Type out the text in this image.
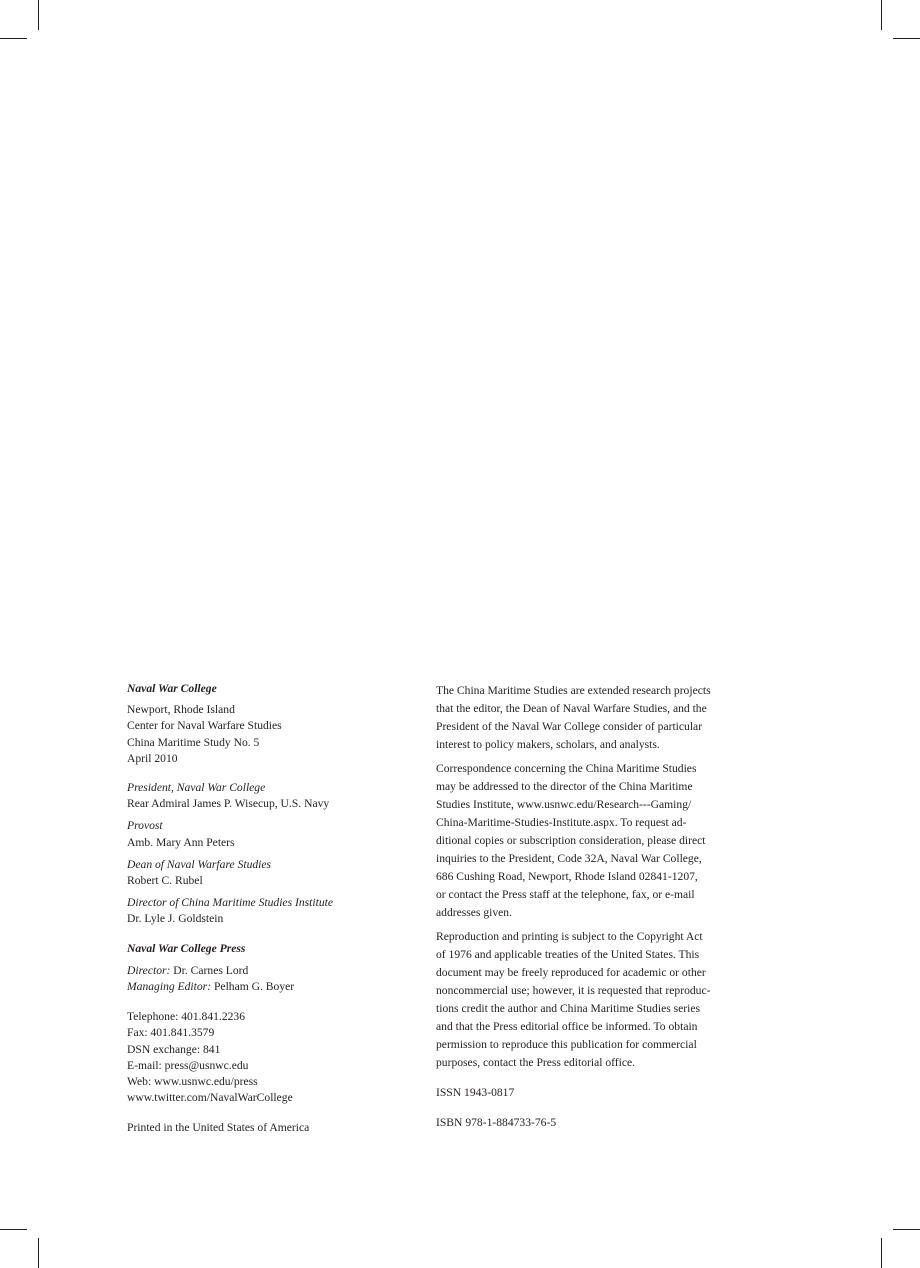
Naval War College
Newport, Rhode Island
Center for Naval Warfare Studies
China Maritime Study No. 5
April 2010
President, Naval War College
Rear Admiral James P. Wisecup, U.S. Navy
Provost
Amb. Mary Ann Peters
Dean of Naval Warfare Studies
Robert C. Rubel
Director of China Maritime Studies Institute
Dr. Lyle J. Goldstein
Naval War College Press
Director: Dr. Carnes Lord
Managing Editor: Pelham G. Boyer
Telephone: 401.841.2236
Fax: 401.841.3579
DSN exchange: 841
E-mail: press@usnwc.edu
Web: www.usnwc.edu/press
www.twitter.com/NavalWarCollege
Printed in the United States of America
The China Maritime Studies are extended research projects
that the editor, the Dean of Naval Warfare Studies, and the
President of the Naval War College consider of particular
interest to policy makers, scholars, and analysts.
Correspondence concerning the China Maritime Studies
may be addressed to the director of the China Maritime
Studies Institute, www.usnwc.edu/Research---Gaming/
China-Maritime-Studies-Institute.aspx. To request ad-
ditional copies or subscription consideration, please direct
inquiries to the President, Code 32A, Naval War College,
686 Cushing Road, Newport, Rhode Island 02841-1207,
or contact the Press staff at the telephone, fax, or e-mail
addresses given.
Reproduction and printing is subject to the Copyright Act
of 1976 and applicable treaties of the United States. This
document may be freely reproduced for academic or other
noncommercial use; however, it is requested that reproduc-
tions credit the author and China Maritime Studies series
and that the Press editorial office be informed. To obtain
permission to reproduce this publication for commercial
purposes, contact the Press editorial office.
ISSN 1943-0817
ISBN 978-1-884733-76-5
